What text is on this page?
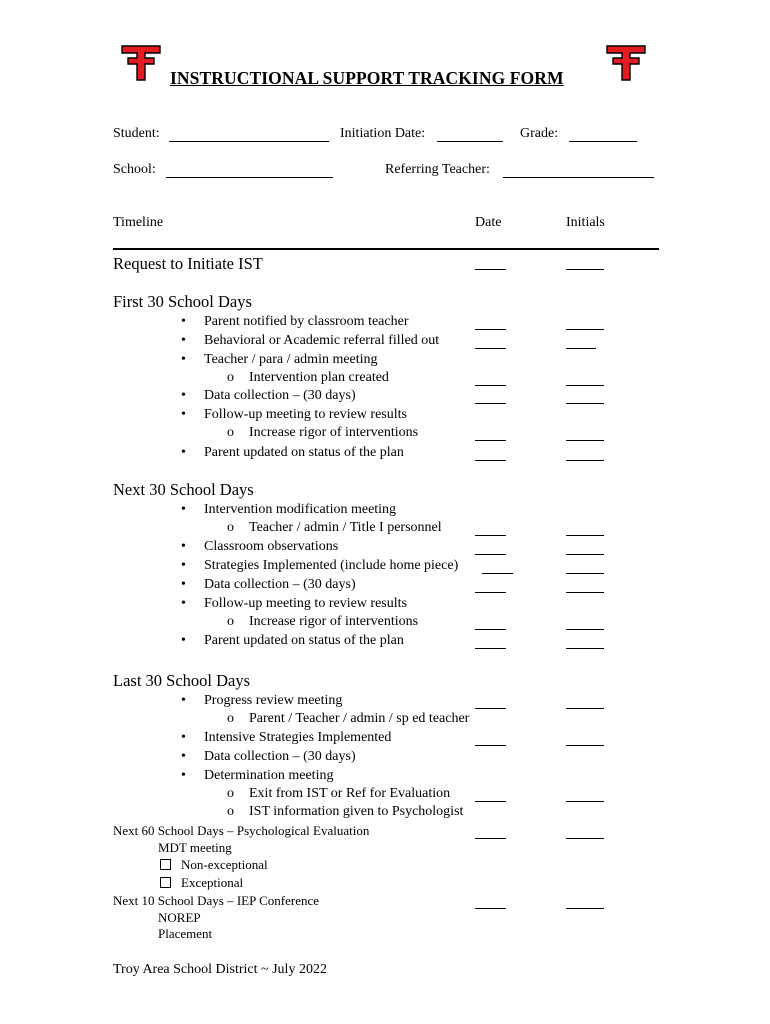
INSTRUCTIONAL SUPPORT TRACKING FORM
Student:	Initiation Date:	Grade:
School:	Referring Teacher:
Timeline	Date	Initials
Request to Initiate IST
First 30 School Days
• Parent notified by classroom teacher
• Behavioral or Academic referral filled out
• Teacher / para / admin meeting
o Intervention plan created
• Data collection – (30 days)
• Follow-up meeting to review results
o Increase rigor of interventions
• Parent updated on status of the plan
Next 30 School Days
• Intervention modification meeting
o Teacher / admin / Title I personnel
• Classroom observations
• Strategies Implemented (include home piece)
• Data collection – (30 days)
• Follow-up meeting to review results
o Increase rigor of interventions
• Parent updated on status of the plan
Last 30 School Days
• Progress review meeting
o Parent / Teacher / admin / sp ed teacher
• Intensive Strategies Implemented
• Data collection – (30 days)
• Determination meeting
o Exit from IST or Ref for Evaluation
o IST information given to Psychologist
Next 60 School Days – Psychological Evaluation
MDT meeting
Non-exceptional
Exceptional
Next 10 School Days – IEP Conference
NOREP
Placement
Troy Area School District ~ July 2022
